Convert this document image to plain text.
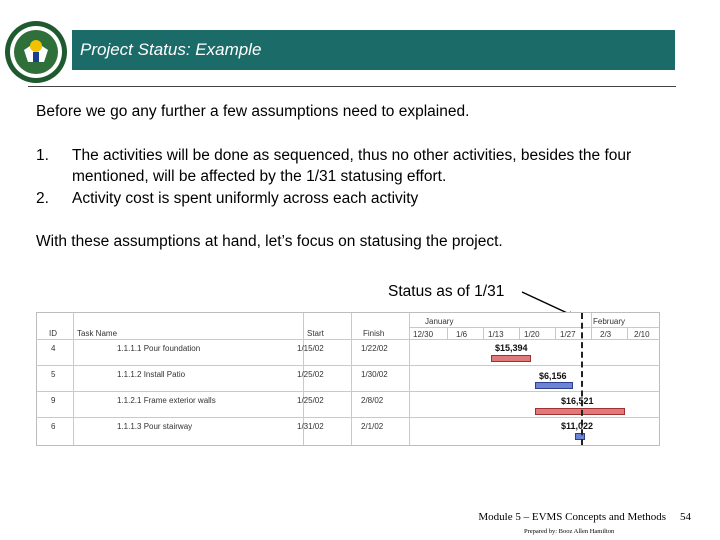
Project Status: Example
Before we go any further a few assumptions need to explained.
1.	The activities will be done as sequenced, thus no other activities, besides the four mentioned, will be affected by the 1/31 statusing effort.
2.	Activity cost is spent uniformly across each activity
With these assumptions at hand, let’s focus on statusing the project.
Status as of 1/31
ID	Task Name	Start	Finish
January	February
12/30	1/6	1/13	1/20	1/27	2/3	2/10
4	1.1.1.1 Pour foundation	1/15/02	1/22/02	$15,394
5	1.1.1.2 Install Patio	1/25/02	1/30/02	$6,156
9	1.1.2.1 Frame exterior walls	1/25/02	2/8/02	$16,521
6	1.1.1.3 Pour stairway	1/31/02	2/1/02	$11,022
Module 5 – EVMS Concepts and Methods
Prepared by: Booz Allen Hamilton
54
